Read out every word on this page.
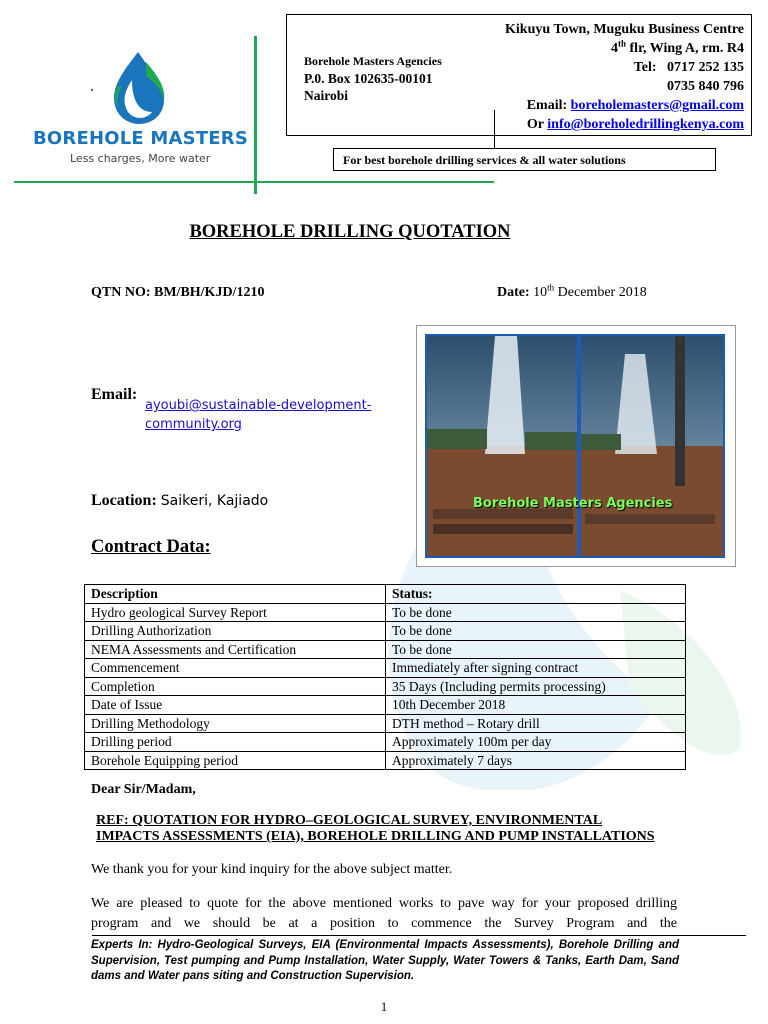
BOREHOLE MASTERS
Less charges, More water
Borehole Masters Agencies
P.0. Box 102635-00101
Nairobi
Kikuyu Town, Muguku Business Centre
4th flr, Wing A, rm. R4
Tel: 0717 252 135
0735 840 796
Email: boreholemasters@gmail.com
Or info@boreholedrillingkenya.com
For best borehole drilling services & all water solutions
BOREHOLE DRILLING QUOTATION
QTN NO: BM/BH/KJD/1210	Date: 10th December 2018
Borehole Masters Agencies
Email:
ayoubi@sustainable-development-community.org
Location: Saikeri, Kajiado
Contract Data:
Description	Status:
Hydro geological Survey Report	To be done
Drilling Authorization	To be done
NEMA Assessments and Certification	To be done
Commencement	Immediately after signing contract
Completion	35 Days (Including permits processing)
Date of Issue	10th December 2018
Drilling Methodology	DTH method – Rotary drill
Drilling period	Approximately 100m per day
Borehole Equipping period	Approximately 7 days
Dear Sir/Madam,
REF: QUOTATION FOR HYDRO–GEOLOGICAL SURVEY, ENVIRONMENTAL
IMPACTS ASSESSMENTS (EIA), BOREHOLE DRILLING AND PUMP INSTALLATIONS
We thank you for your kind inquiry for the above subject matter.
We are pleased to quote for the above mentioned works to pave way for your proposed drilling
program and we should be at a position to commence the Survey Program and the
Experts In: Hydro-Geological Surveys, EIA (Environmental Impacts Assessments), Borehole Drilling and Supervision, Test pumping and Pump Installation, Water Supply, Water Towers & Tanks, Earth Dam, Sand dams and Water pans siting and Construction Supervision.
1
